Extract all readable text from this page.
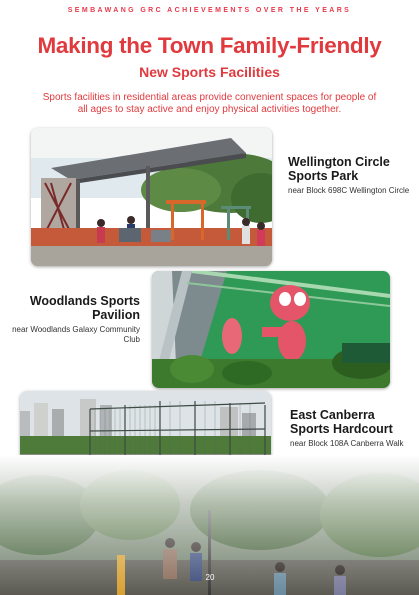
SEMBAWANG GRC ACHIEVEMENTS OVER THE YEARS
Making the Town Family-Friendly
New Sports Facilities
Sports facilities in residential areas provide convenient spaces for people of all ages to stay active and enjoy physical activities together.
Wellington Circle Sports Park
near Block 698C Wellington Circle
Woodlands Sports Pavilion
near Woodlands Galaxy Community Club
East Canberra Sports Hardcourt
near Block 108A Canberra Walk
20
